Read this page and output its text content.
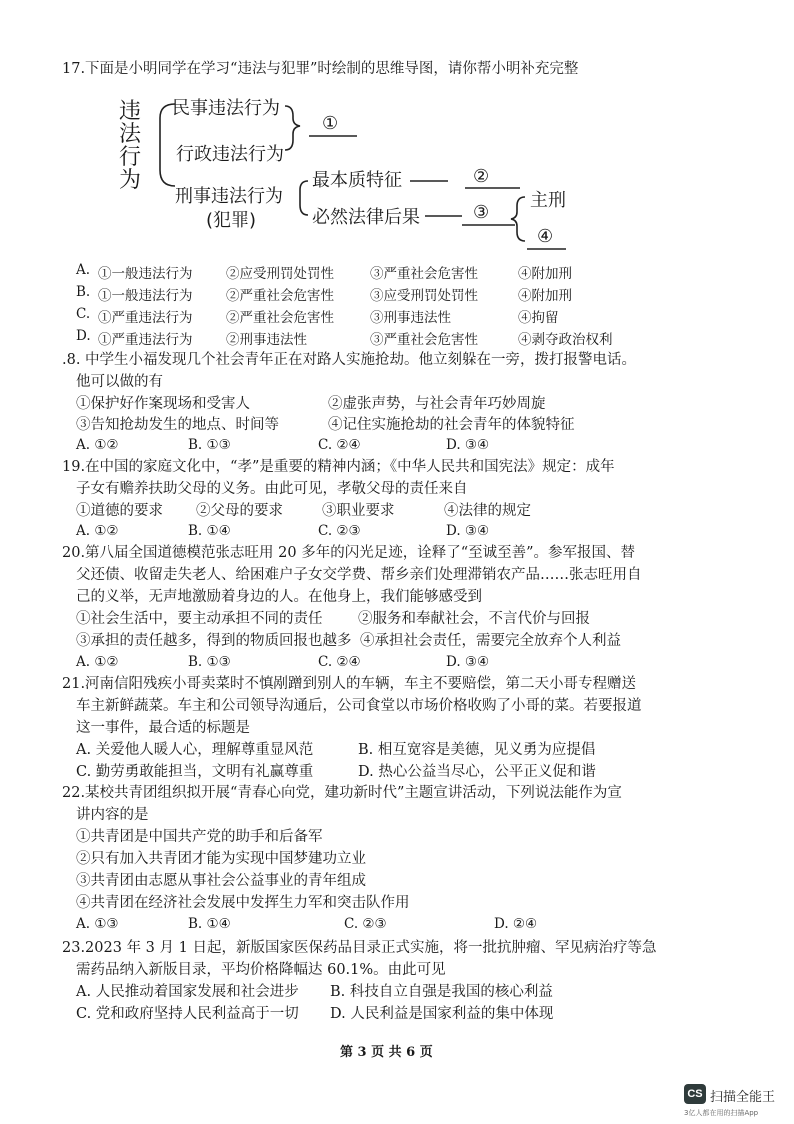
17.下面是小明同学在学习“违法与犯罪”时绘制的思维导图，请你帮小明补充完整
违法行为
民事违法行为
行政违法行为
①
刑事违法行为
(犯罪)
最本质特征	②
必然法律后果	③
主刑
④
A. ①一般违法行为 ②应受刑罚处罚性	③严重社会危害性	④附加刑
B. ①一般违法行为 ②严重社会危害性	③应受刑罚处罚性	④附加刑
C. ①严重违法行为 ②严重社会危害性	③刑事违法性	④拘留
D. ①严重违法行为 ②刑事违法性	③严重社会危害性	④剥夺政治权利
.8. 中学生小福发现几个社会青年正在对路人实施抢劫。他立刻躲在一旁，拨打报警电话。
他可以做的有
①保护好作案现场和受害人	②虚张声势，与社会青年巧妙周旋
③告知抢劫发生的地点、时间等	④记住实施抢劫的社会青年的体貌特征
A. ①②	B. ①③	C. ②④	D. ③④
19.在中国的家庭文化中，“孝”是重要的精神内涵；《中华人民共和国宪法》规定：成年
子女有赡养扶助父母的义务。由此可见，孝敬父母的责任来自
①道德的要求 ②父母的要求	③职业要求	④法律的规定
A. ①②	B. ①④	C. ②③	D. ③④
20.第八届全国道德模范张志旺用 20 多年的闪光足迹，诠释了“至诚至善”。参军报国、替
父还债、收留走失老人、给困难户子女交学费、帮乡亲们处理滞销农产品……张志旺用自
己的义举，无声地激励着身边的人。在他身上，我们能够感受到
①社会生活中，要主动承担不同的责任 ②服务和奉献社会，不言代价与回报
③承担的责任越多，得到的物质回报也越多 ④承担社会责任，需要完全放弃个人利益
A. ①②	B. ①③	C. ②④	D. ③④
21.河南信阳残疾小哥卖菜时不慎剐蹭到别人的车辆，车主不要赔偿，第二天小哥专程赠送
车主新鲜蔬菜。车主和公司领导沟通后，公司食堂以市场价格收购了小哥的菜。若要报道
这一事件，最合适的标题是
A. 关爱他人暖人心，理解尊重显风范	B. 相互宽容是美德，见义勇为应提倡
C. 勤劳勇敢能担当，文明有礼赢尊重	D. 热心公益当尽心，公平正义促和谐
22.某校共青团组织拟开展“青春心向党，建功新时代”主题宣讲活动，下列说法能作为宣
讲内容的是
①共青团是中国共产党的助手和后备军
②只有加入共青团才能为实现中国梦建功立业
③共青团由志愿从事社会公益事业的青年组成
④共青团在经济社会发展中发挥生力军和突击队作用
A. ①③	B. ①④	C. ②③	D. ②④
23.2023 年 3 月 1 日起，新版国家医保药品目录正式实施，将一批抗肿瘤、罕见病治疗等急
需药品纳入新版目录，平均价格降幅达 60.1%。由此可见
A. 人民推动着国家发展和社会进步 B. 科技自立自强是我国的核心利益
C. 党和政府坚持人民利益高于一切 D. 人民利益是国家利益的集中体现
第 3 页 共 6 页
CS 扫描全能王
3亿人都在用的扫描App
